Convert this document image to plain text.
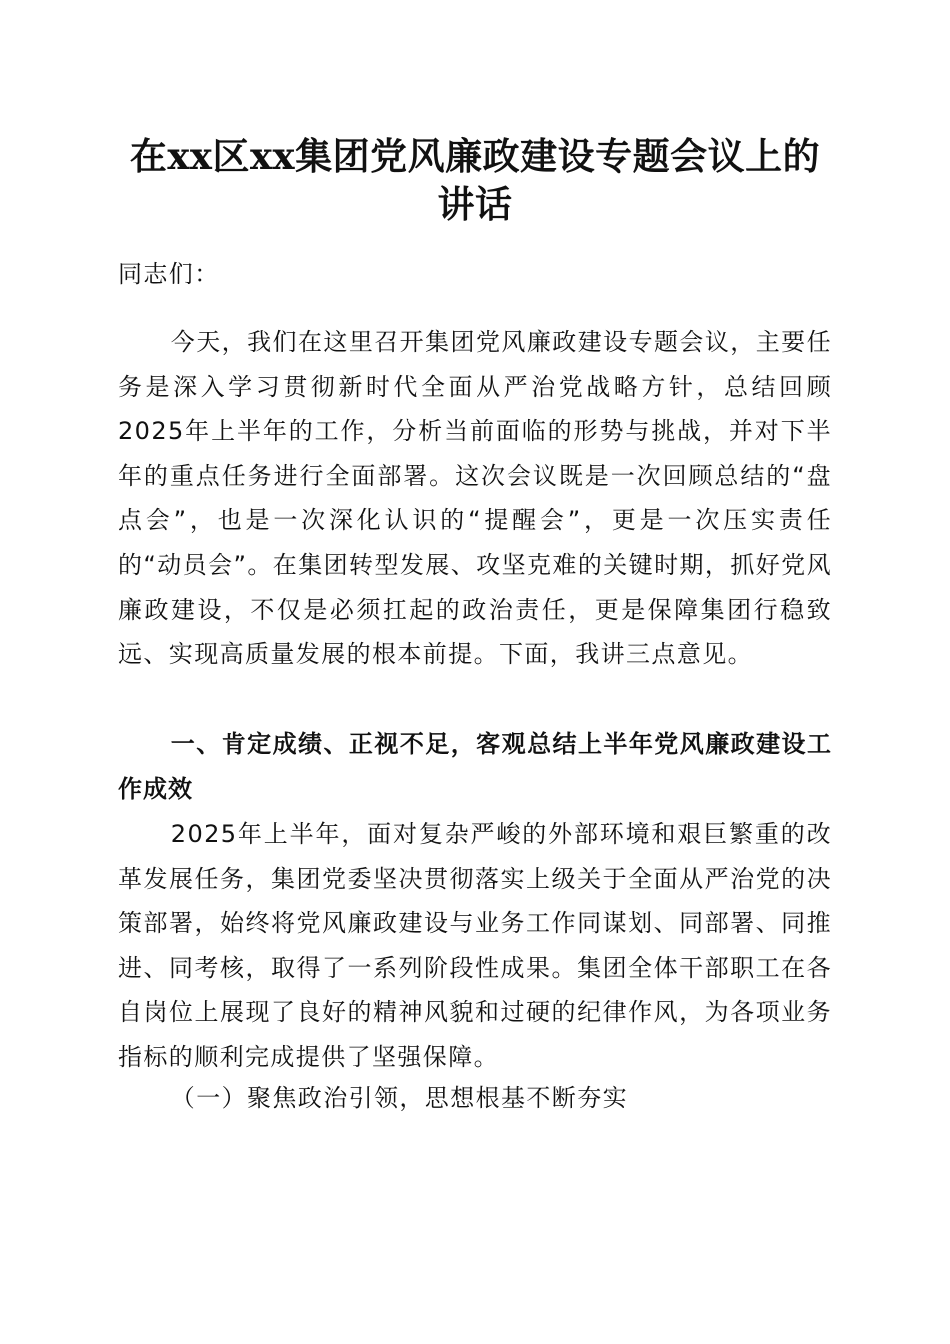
在xx区xx集团党风廉政建设专题会议上的讲话

同志们：

今天，我们在这里召开集团党风廉政建设专题会议，主要任务是深入学习贯彻新时代全面从严治党战略方针，总结回顾2025年上半年的工作，分析当前面临的形势与挑战，并对下半年的重点任务进行全面部署。这次会议既是一次回顾总结的“盘点会”，也是一次深化认识的“提醒会”，更是一次压实责任的“动员会”。在集团转型发展、攻坚克难的关键时期，抓好党风廉政建设，不仅是必须扛起的政治责任，更是保障集团行稳致远、实现高质量发展的根本前提。下面，我讲三点意见。

一、肯定成绩、正视不足，客观总结上半年党风廉政建设工作成效

2025年上半年，面对复杂严峻的外部环境和艰巨繁重的改革发展任务，集团党委坚决贯彻落实上级关于全面从严治党的决策部署，始终将党风廉政建设与业务工作同谋划、同部署、同推进、同考核，取得了一系列阶段性成果。集团全体干部职工在各自岗位上展现了良好的精神风貌和过硬的纪律作风，为各项业务指标的顺利完成提供了坚强保障。

（一）聚焦政治引领，思想根基不断夯实
